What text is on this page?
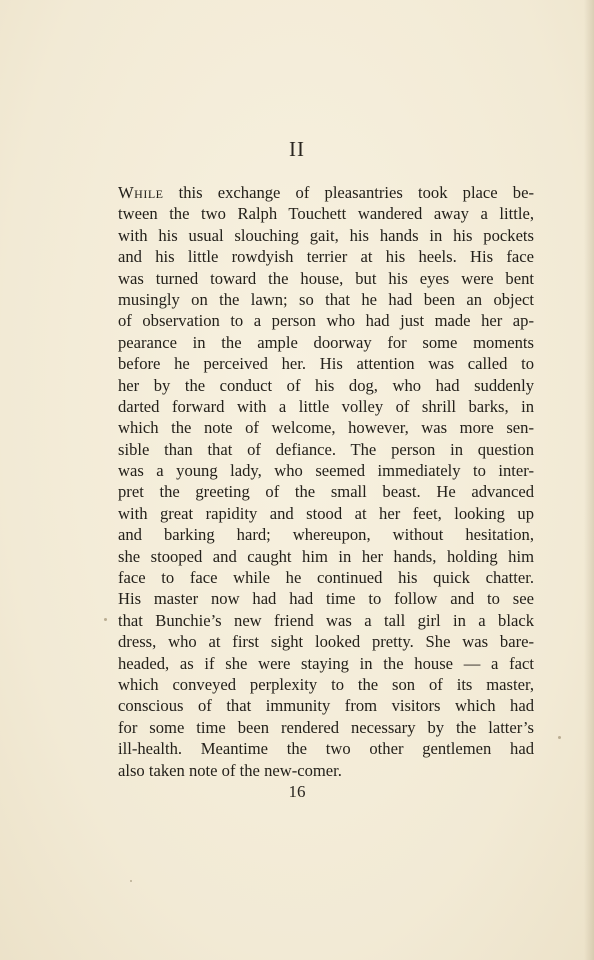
II
While this exchange of pleasantries took place be-
tween the two Ralph Touchett wandered away a little,
with his usual slouching gait, his hands in his pockets
and his little rowdyish terrier at his heels. His face
was turned toward the house, but his eyes were bent
musingly on the lawn; so that he had been an object
of observation to a person who had just made her ap-
pearance in the ample doorway for some moments
before he perceived her. His attention was called to
her by the conduct of his dog, who had suddenly
darted forward with a little volley of shrill barks, in
which the note of welcome, however, was more sen-
sible than that of defiance. The person in question
was a young lady, who seemed immediately to inter-
pret the greeting of the small beast. He advanced
with great rapidity and stood at her feet, looking up
and barking hard; whereupon, without hesitation,
she stooped and caught him in her hands, holding him
face to face while he continued his quick chatter.
His master now had had time to follow and to see
that Bunchie’s new friend was a tall girl in a black
dress, who at first sight looked pretty. She was bare-
headed, as if she were staying in the house — a fact
which conveyed perplexity to the son of its master,
conscious of that immunity from visitors which had
for some time been rendered necessary by the latter’s
ill-health. Meantime the two other gentlemen had
also taken note of the new-comer.
16
